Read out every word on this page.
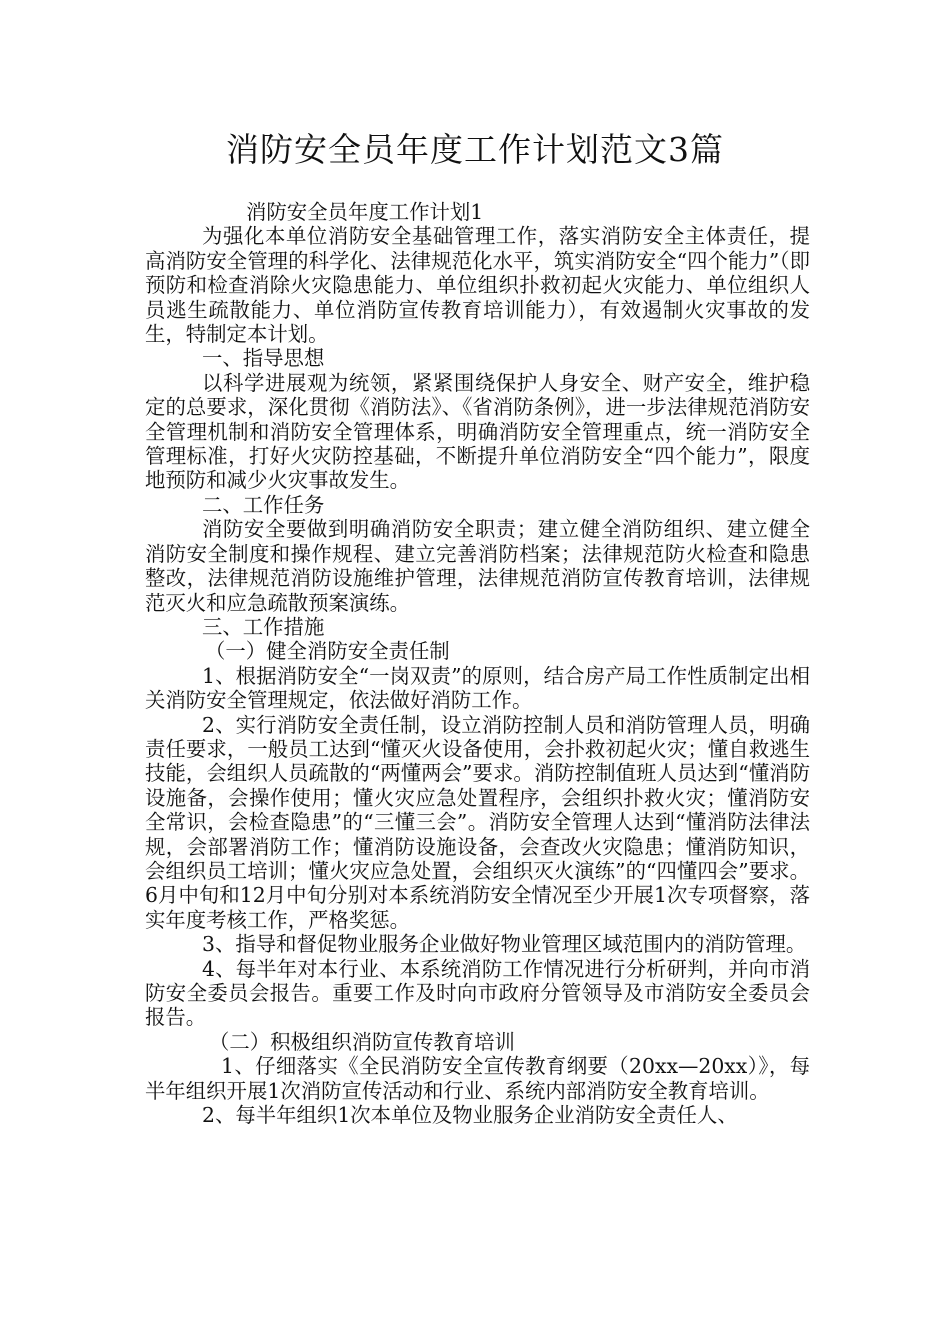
消防安全员年度工作计划范文3篇

消防安全员年度工作计划1

为强化本单位消防安全基础管理工作，落实消防安全主体责任，提高消防安全管理的科学化、法律规范化水平，筑实消防安全“四个能力”（即预防和检查消除火灾隐患能力、单位组织扑救初起火灾能力、单位组织人员逃生疏散能力、单位消防宣传教育培训能力），有效遏制火灾事故的发生，特制定本计划。

一、指导思想

以科学进展观为统领，紧紧围绕保护人身安全、财产安全，维护稳定的总要求，深化贯彻《消防法》、《省消防条例》，进一步法律规范消防安全管理机制和消防安全管理体系，明确消防安全管理重点，统一消防安全管理标准，打好火灾防控基础，不断提升单位消防安全“四个能力”，限度地预防和减少火灾事故发生。

二、工作任务

消防安全要做到明确消防安全职责；建立健全消防组织、建立健全消防安全制度和操作规程、建立完善消防档案；法律规范防火检查和隐患整改，法律规范消防设施维护管理，法律规范消防宣传教育培训，法律规范灭火和应急疏散预案演练。

三、工作措施

（一）健全消防安全责任制

1、根据消防安全“一岗双责”的原则，结合房产局工作性质制定出相关消防安全管理规定，依法做好消防工作。

2、实行消防安全责任制，设立消防控制人员和消防管理人员，明确责任要求，一般员工达到“懂灭火设备使用，会扑救初起火灾；懂自救逃生技能，会组织人员疏散的“两懂两会”要求。消防控制值班人员达到“懂消防设施备，会操作使用；懂火灾应急处置程序，会组织扑救火灾；懂消防安全常识，会检查隐患”的“三懂三会”。消防安全管理人达到“懂消防法律法规，会部署消防工作；懂消防设施设备，会查改火灾隐患；懂消防知识，会组织员工培训；懂火灾应急处置，会组织灭火演练”的“四懂四会”要求。6月中旬和12月中旬分别对本系统消防安全情况至少开展1次专项督察，落实年度考核工作，严格奖惩。

3、指导和督促物业服务企业做好物业管理区域范围内的消防管理。

4、每半年对本行业、本系统消防工作情况进行分析研判，并向市消防安全委员会报告。重要工作及时向市政府分管领导及市消防安全委员会报告。

（二）积极组织消防宣传教育培训

1、仔细落实《全民消防安全宣传教育纲要（20xx—20xx）》，每半年组织开展1次消防宣传活动和行业、系统内部消防安全教育培训。

2、每半年组织1次本单位及物业服务企业消防安全责任人、
